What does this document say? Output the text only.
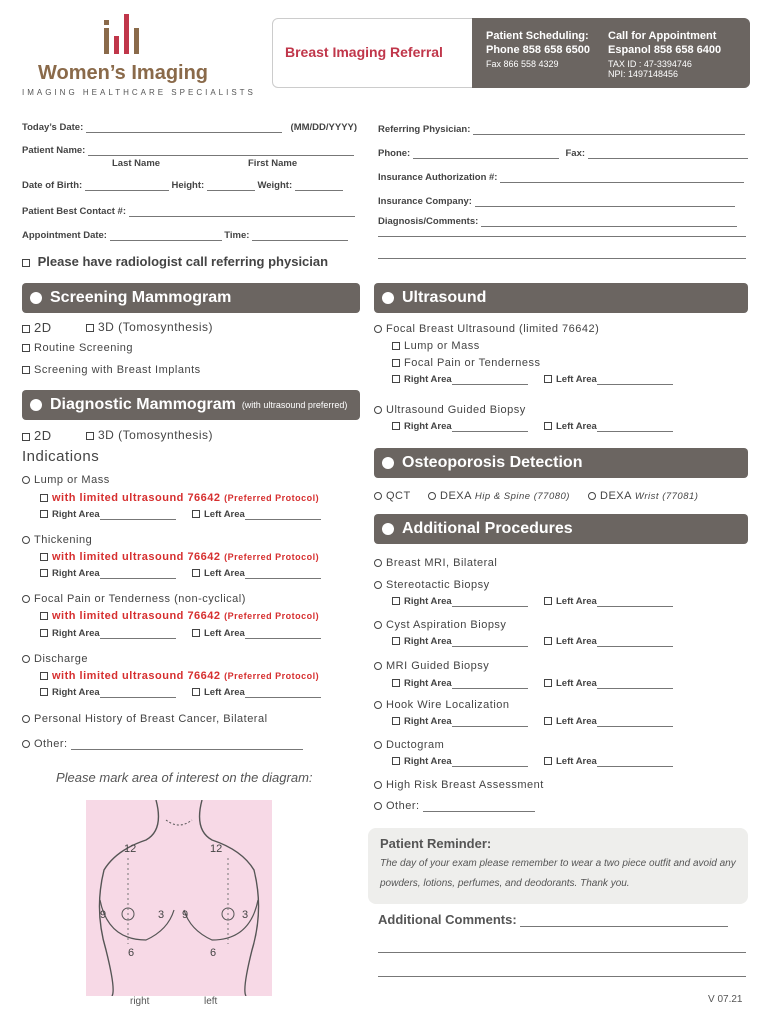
Women’s Imaging
IMAGING HEALTHCARE SPECIALISTS
Breast Imaging Referral
Patient Scheduling:
Phone 858 658 6500
Fax 866 558 4329
Call for Appointment
Espanol 858 658 6400
TAX ID : 47-3394746
NPI: 1497148456
Today’s Date:	(MM/DD/YYYY)
Patient Name:
Last Name	First Name
Date of Birth:	Height:	Weight:
Patient Best Contact #:
Appointment Date:	Time:
Referring Physician:
Phone:	Fax:
Insurance Authorization #:
Insurance Company:
Diagnosis/Comments:
Please have radiologist call referring physician
Screening Mammogram
2D	3D (Tomosynthesis)
Routine Screening
Screening with Breast Implants
Diagnostic Mammogram (with ultrasound preferred)
2D	3D (Tomosynthesis)
Indications
Lump or Mass
with limited ultrasound 76642 (Preferred Protocol)
Right Area	Left Area
Thickening
with limited ultrasound 76642 (Preferred Protocol)
Right Area	Left Area
Focal Pain or Tenderness (non-cyclical)
with limited ultrasound 76642 (Preferred Protocol)
Right Area	Left Area
Discharge
with limited ultrasound 76642 (Preferred Protocol)
Right Area	Left Area
Personal History of Breast Cancer, Bilateral
Other:
Please mark area of interest on the diagram:
12	12
9	3 9	3
6	6
right	left
Ultrasound
Focal Breast Ultrasound (limited 76642)
Lump or Mass
Focal Pain or Tenderness
Right Area	Left Area
Ultrasound Guided Biopsy
Right Area	Left Area
Osteoporosis Detection
QCT	DEXA Hip & Spine (77080)	DEXA Wrist (77081)
Additional Procedures
Breast MRI, Bilateral
Stereotactic Biopsy
Right Area	Left Area
Cyst Aspiration Biopsy
Right Area	Left Area
MRI Guided Biopsy
Right Area	Left Area
Hook Wire Localization
Right Area	Left Area
Ductogram
Right Area	Left Area
High Risk Breast Assessment
Other:
Patient Reminder:
The day of your exam please remember to wear a two piece outfit and avoid any
powders, lotions, perfumes, and deodorants. Thank you.
Additional Comments:
V 07.21
